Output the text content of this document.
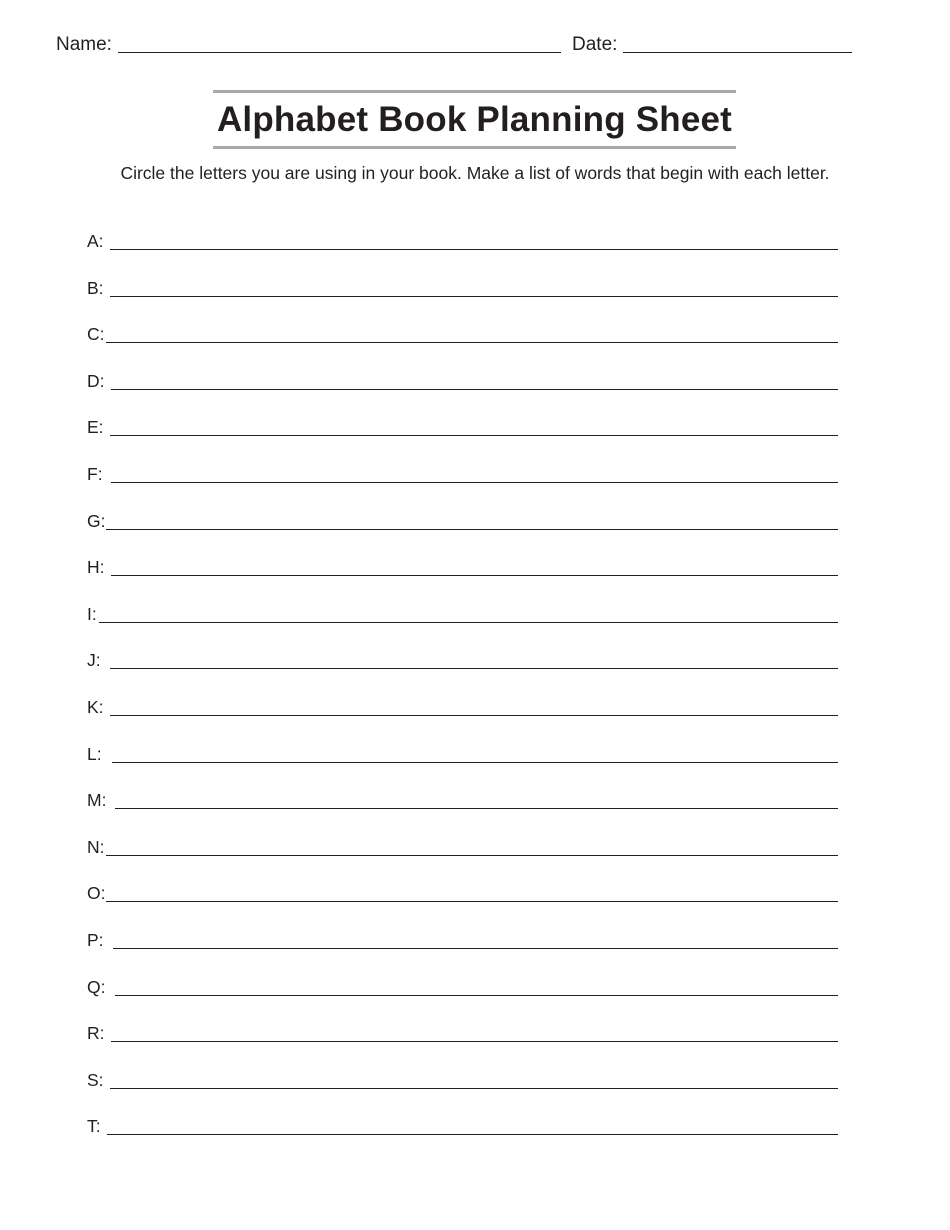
Name:	Date:
Alphabet Book Planning Sheet

Circle the letters you are using in your book. Make a list of words that begin with each letter.

A:
B:
C:
D:
E:
F:
G:
H:
I:
J:
K:
L:
M:
N:
O:
P:
Q:
R:
S:
T:
